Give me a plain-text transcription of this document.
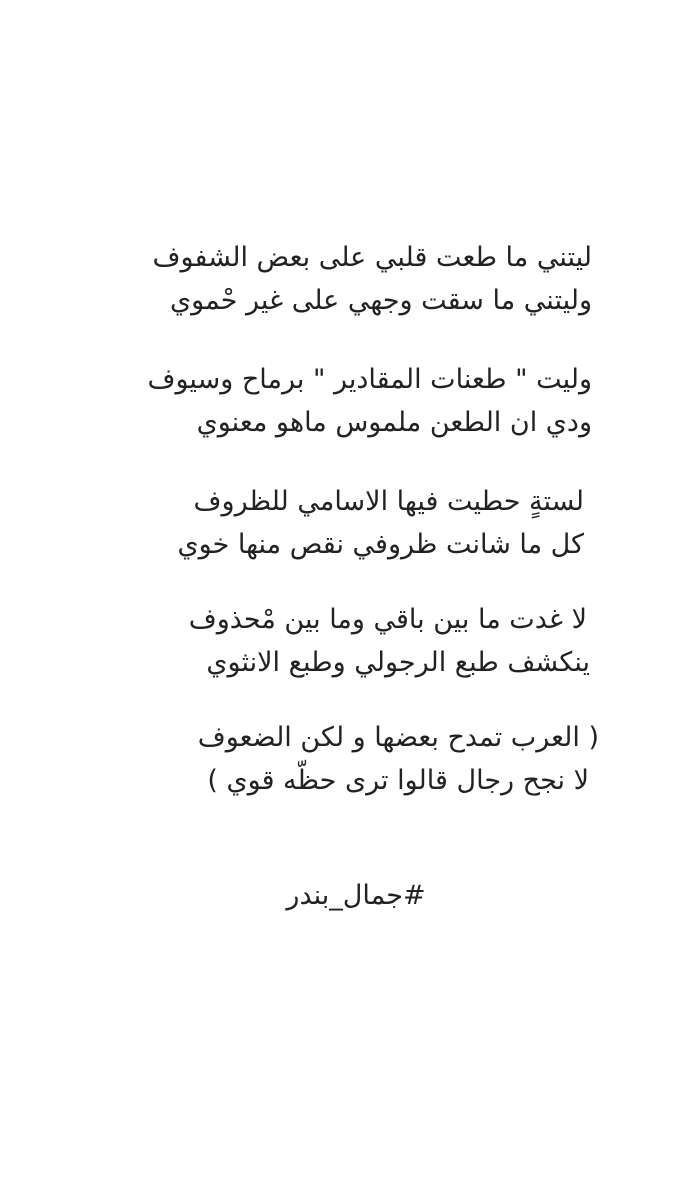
ليتني ما طعت قلبي على بعض الشفوف
وليتني ما سقت وجهي على غير حْموي
وليت " طعنات المقادير " برماح وسيوف
ودي ان الطعن ملموس ماهو معنوي
لستةٍ حطيت فيها الاسامي للظروف
كل ما شانت ظروفي نقص منها خوي
لا غدت ما بين باقي وما بين مْحذوف
ينكشف طبع الرجولي وطبع الانثوي
( العرب تمدح بعضها و لكن الضعوف
لا نجح رجال قالوا ترى حظّه قوي )
#جمال_بندر
